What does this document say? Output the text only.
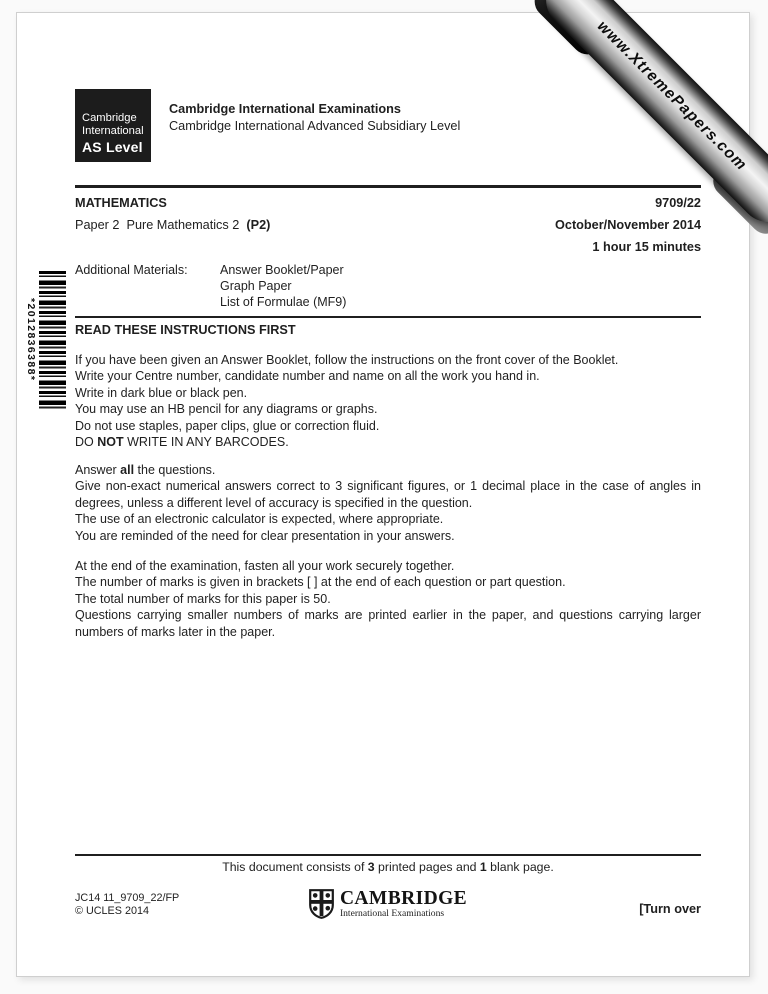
*2012836388*
Cambridge
International
AS Level
Cambridge International Examinations
Cambridge International Advanced Subsidiary Level
MATHEMATICS	9709/22
Paper 2  Pure Mathematics 2  (P2)	October/November 2014
1 hour 15 minutes
Additional Materials:	Answer Booklet/Paper
Graph Paper
List of Formulae (MF9)
READ THESE INSTRUCTIONS FIRST
If you have been given an Answer Booklet, follow the instructions on the front cover of the Booklet.
Write your Centre number, candidate number and name on all the work you hand in.
Write in dark blue or black pen.
You may use an HB pencil for any diagrams or graphs.
Do not use staples, paper clips, glue or correction fluid.
DO NOT WRITE IN ANY BARCODES.
Answer all the questions.
Give non-exact numerical answers correct to 3 significant figures, or 1 decimal place in the case of angles in degrees, unless a different level of accuracy is specified in the question.
The use of an electronic calculator is expected, where appropriate.
You are reminded of the need for clear presentation in your answers.
At the end of the examination, fasten all your work securely together.
The number of marks is given in brackets [ ] at the end of each question or part question.
The total number of marks for this paper is 50.
Questions carrying smaller numbers of marks are printed earlier in the paper, and questions carrying larger numbers of marks later in the paper.
This document consists of 3 printed pages and 1 blank page.
JC14 11_9709_22/FP
© UCLES 2014
CAMBRIDGE
International Examinations	[Turn over
www.XtremePapers.com
